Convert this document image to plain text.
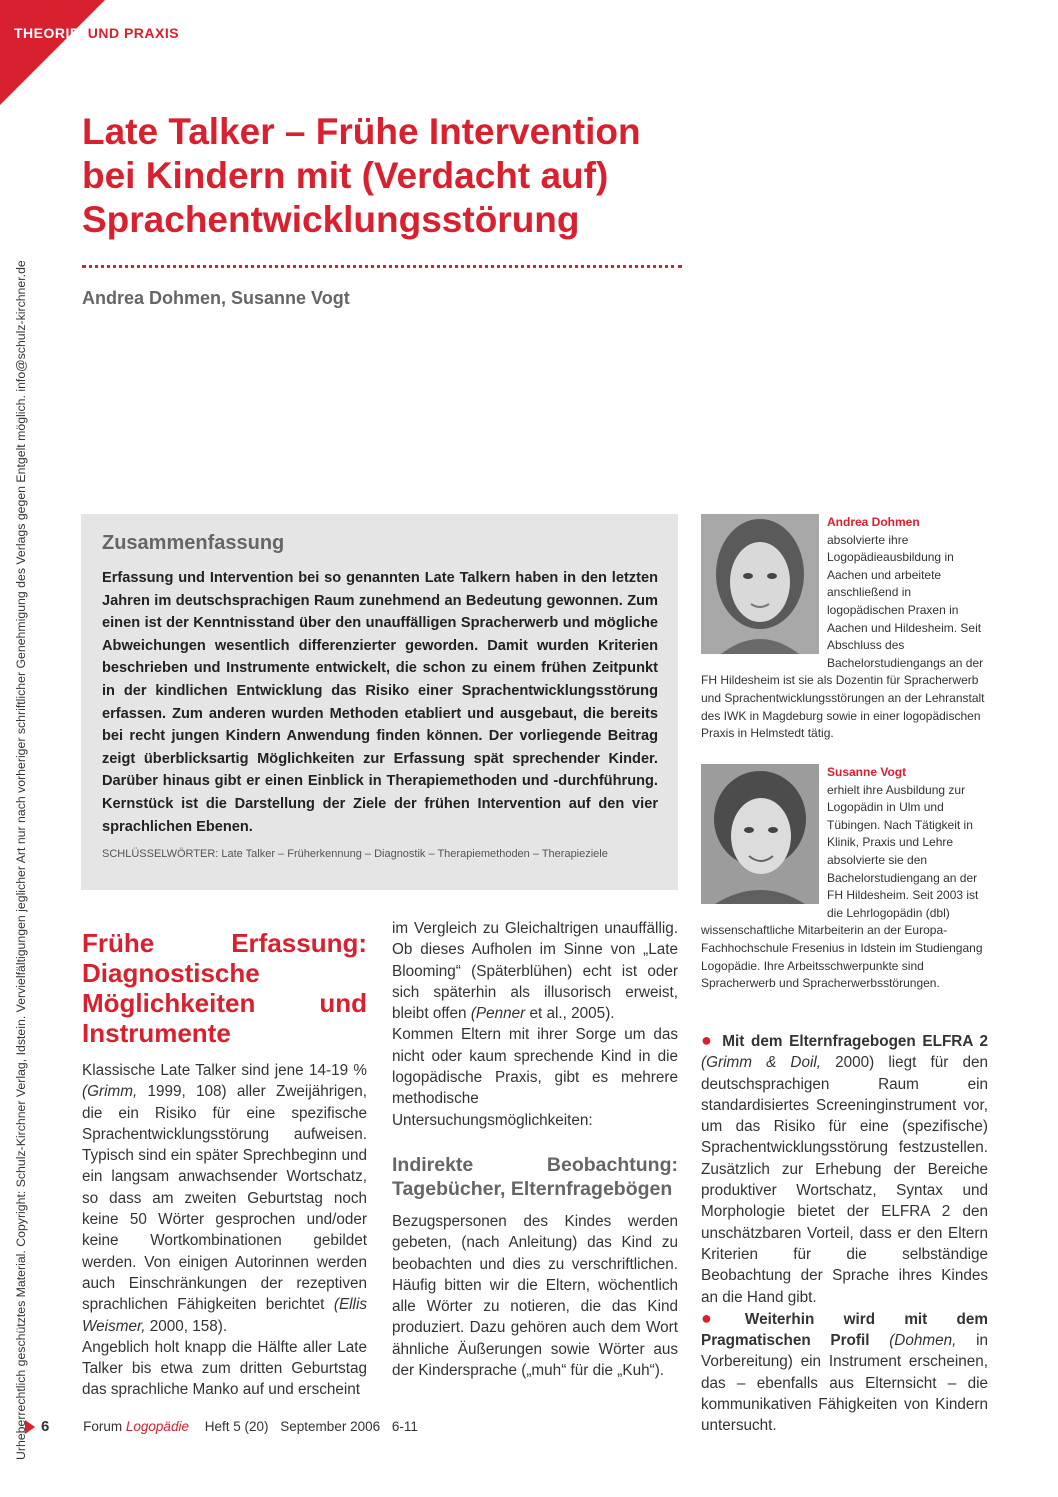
THEORIE UND PRAXIS
Urheberrechtlich geschütztes Material. Copyright: Schulz-Kirchner Verlag, Idstein. Vervielfältigungen jeglicher Art nur nach vorheriger schriftlicher Genehmigung des Verlags gegen Entgelt möglich. info@schulz-kirchner.de
Late Talker – Frühe Intervention
bei Kindern mit (Verdacht auf)
Sprachentwicklungsstörung
Andrea Dohmen, Susanne Vogt
Zusammenfassung

Erfassung und Intervention bei so genannten Late Talkern haben in den letzten Jahren im deutschsprachigen Raum zunehmend an Bedeutung gewonnen. Zum einen ist der Kenntnisstand über den unauffälligen Spracherwerb und mögliche Abweichungen wesentlich differenzierter geworden. Damit wurden Kriterien beschrieben und Instrumente entwickelt, die schon zu einem frühen Zeitpunkt in der kindlichen Entwicklung das Risiko einer Sprachentwicklungsstörung erfassen. Zum anderen wurden Methoden etabliert und ausgebaut, die bereits bei recht jungen Kindern Anwendung finden können. Der vorliegende Beitrag zeigt überblicksartig Möglichkeiten zur Erfassung spät sprechender Kinder. Darüber hinaus gibt er einen Einblick in Therapiemethoden und -durchführung. Kernstück ist die Darstellung der Ziele der frühen Intervention auf den vier sprachlichen Ebenen.

SCHLÜSSELWÖRTER: Late Talker – Früherkennung – Diagnostik – Therapiemethoden – Therapieziele
Andrea Dohmen
absolvierte ihre Logopädieausbildung in Aachen und arbeitete anschließend in logopädischen Praxen in Aachen und Hildesheim. Seit Abschluss des Bachelorstudiengangs an der FH Hildesheim ist sie als Dozentin für Spracherwerb und Sprachentwicklungsstörungen an der Lehranstalt des IWK in Magdeburg sowie in einer logopädischen Praxis in Helmstedt tätig.
Susanne Vogt
erhielt ihre Ausbildung zur Logopädin in Ulm und Tübingen. Nach Tätigkeit in Klinik, Praxis und Lehre absolvierte sie den Bachelorstudiengang an der FH Hildesheim. Seit 2003 ist die Lehrlogopädin (dbl) wissenschaftliche Mitarbeiterin an der Europa-Fachhochschule Fresenius in Idstein im Studiengang Logopädie. Ihre Arbeitsschwerpunkte sind Spracherwerb und Spracherwerbsstörungen.
Frühe Erfassung: Diagnostische Möglichkeiten und Instrumente

Klassische Late Talker sind jene 14-19 % (Grimm, 1999, 108) aller Zweijährigen, die ein Risiko für eine spezifische Sprachentwicklungsstörung aufweisen. Typisch sind ein später Sprechbeginn und ein langsam anwachsender Wortschatz, so dass am zweiten Geburtstag noch keine 50 Wörter gesprochen und/oder keine Wortkombinationen gebildet werden. Von einigen Autorinnen werden auch Einschränkungen der rezeptiven sprachlichen Fähigkeiten berichtet (Ellis Weismer, 2000, 158).

Angeblich holt knapp die Hälfte aller Late Talker bis etwa zum dritten Geburtstag das sprachliche Manko auf und erscheint

im Vergleich zu Gleichaltrigen unauffällig. Ob dieses Aufholen im Sinne von „Late Blooming“ (Späterblühen) echt ist oder sich späterhin als illusorisch erweist, bleibt offen (Penner et al., 2005).

Kommen Eltern mit ihrer Sorge um das nicht oder kaum sprechende Kind in die logopädische Praxis, gibt es mehrere methodische Untersuchungsmöglichkeiten:

Indirekte Beobachtung: Tagebücher, Elternfragebögen

Bezugspersonen des Kindes werden gebeten, (nach Anleitung) das Kind zu beobachten und dies zu verschriftlichen. Häufig bitten wir die Eltern, wöchentlich alle Wörter zu notieren, die das Kind produziert. Dazu gehören auch dem Wort ähnliche Äußerungen sowie Wörter aus der Kindersprache („muh“ für die „Kuh“).

● Mit dem Elternfragebogen ELFRA 2 (Grimm & Doil, 2000) liegt für den deutschsprachigen Raum ein standardisiertes Screeninginstrument vor, um das Risiko für eine (spezifische) Sprachentwicklungsstörung festzustellen. Zusätzlich zur Erhebung der Bereiche produktiver Wortschatz, Syntax und Morphologie bietet der ELFRA 2 den unschätzbaren Vorteil, dass er den Eltern Kriterien für die selbständige Beobachtung der Sprache ihres Kindes an die Hand gibt.

● Weiterhin wird mit dem Pragmatischen Profil (Dohmen, in Vorbereitung) ein Instrument erscheinen, das – ebenfalls aus Elternsicht – die kommunikativen Fähigkeiten von Kindern untersucht.

6	Forum Logopädie Heft 5 (20) September 2006 6-11
